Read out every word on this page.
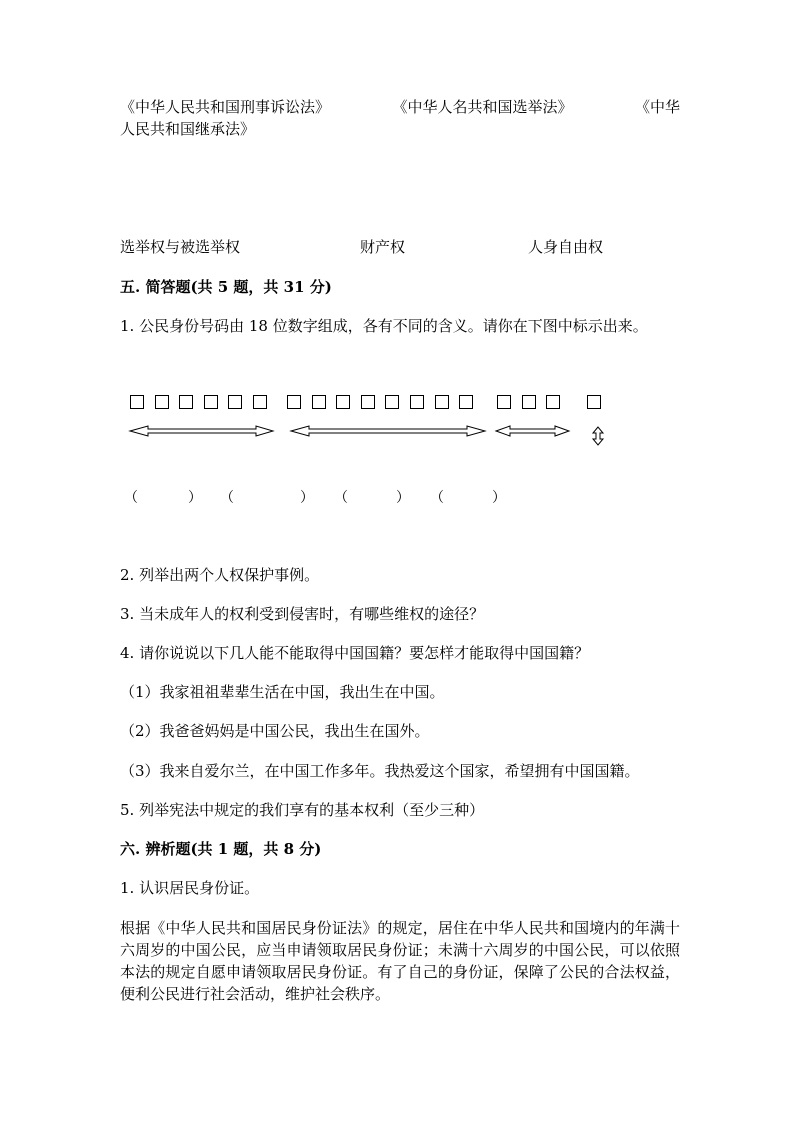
《中华人民共和国刑事诉讼法》	《中华人名共和国选举法》	《中华
人民共和国继承法》
选举权与被选举权	财产权	人身自由权
五. 简答题(共 5 题，共 31 分)
1. 公民身份号码由 18 位数字组成，各有不同的含义。请你在下图中标示出来。
（	） （	） （	） （	）
2. 列举出两个人权保护事例。
3. 当未成年人的权利受到侵害时，有哪些维权的途径？
4. 请你说说以下几人能不能取得中国国籍？要怎样才能取得中国国籍？
（1）我家祖祖辈辈生活在中国，我出生在中国。
（2）我爸爸妈妈是中国公民，我出生在国外。
（3）我来自爱尔兰，在中国工作多年。我热爱这个国家，希望拥有中国国籍。
5. 列举宪法中规定的我们享有的基本权利（至少三种）
六. 辨析题(共 1 题，共 8 分)
1. 认识居民身份证。
根据《中华人民共和国居民身份证法》的规定，居住在中华人民共和国境内的年满十六周岁的中国公民，应当申请领取居民身份证；未满十六周岁的中国公民，可以依照本法的规定自愿申请领取居民身份证。有了自己的身份证，保障了公民的合法权益，便利公民进行社会活动，维护社会秩序。
